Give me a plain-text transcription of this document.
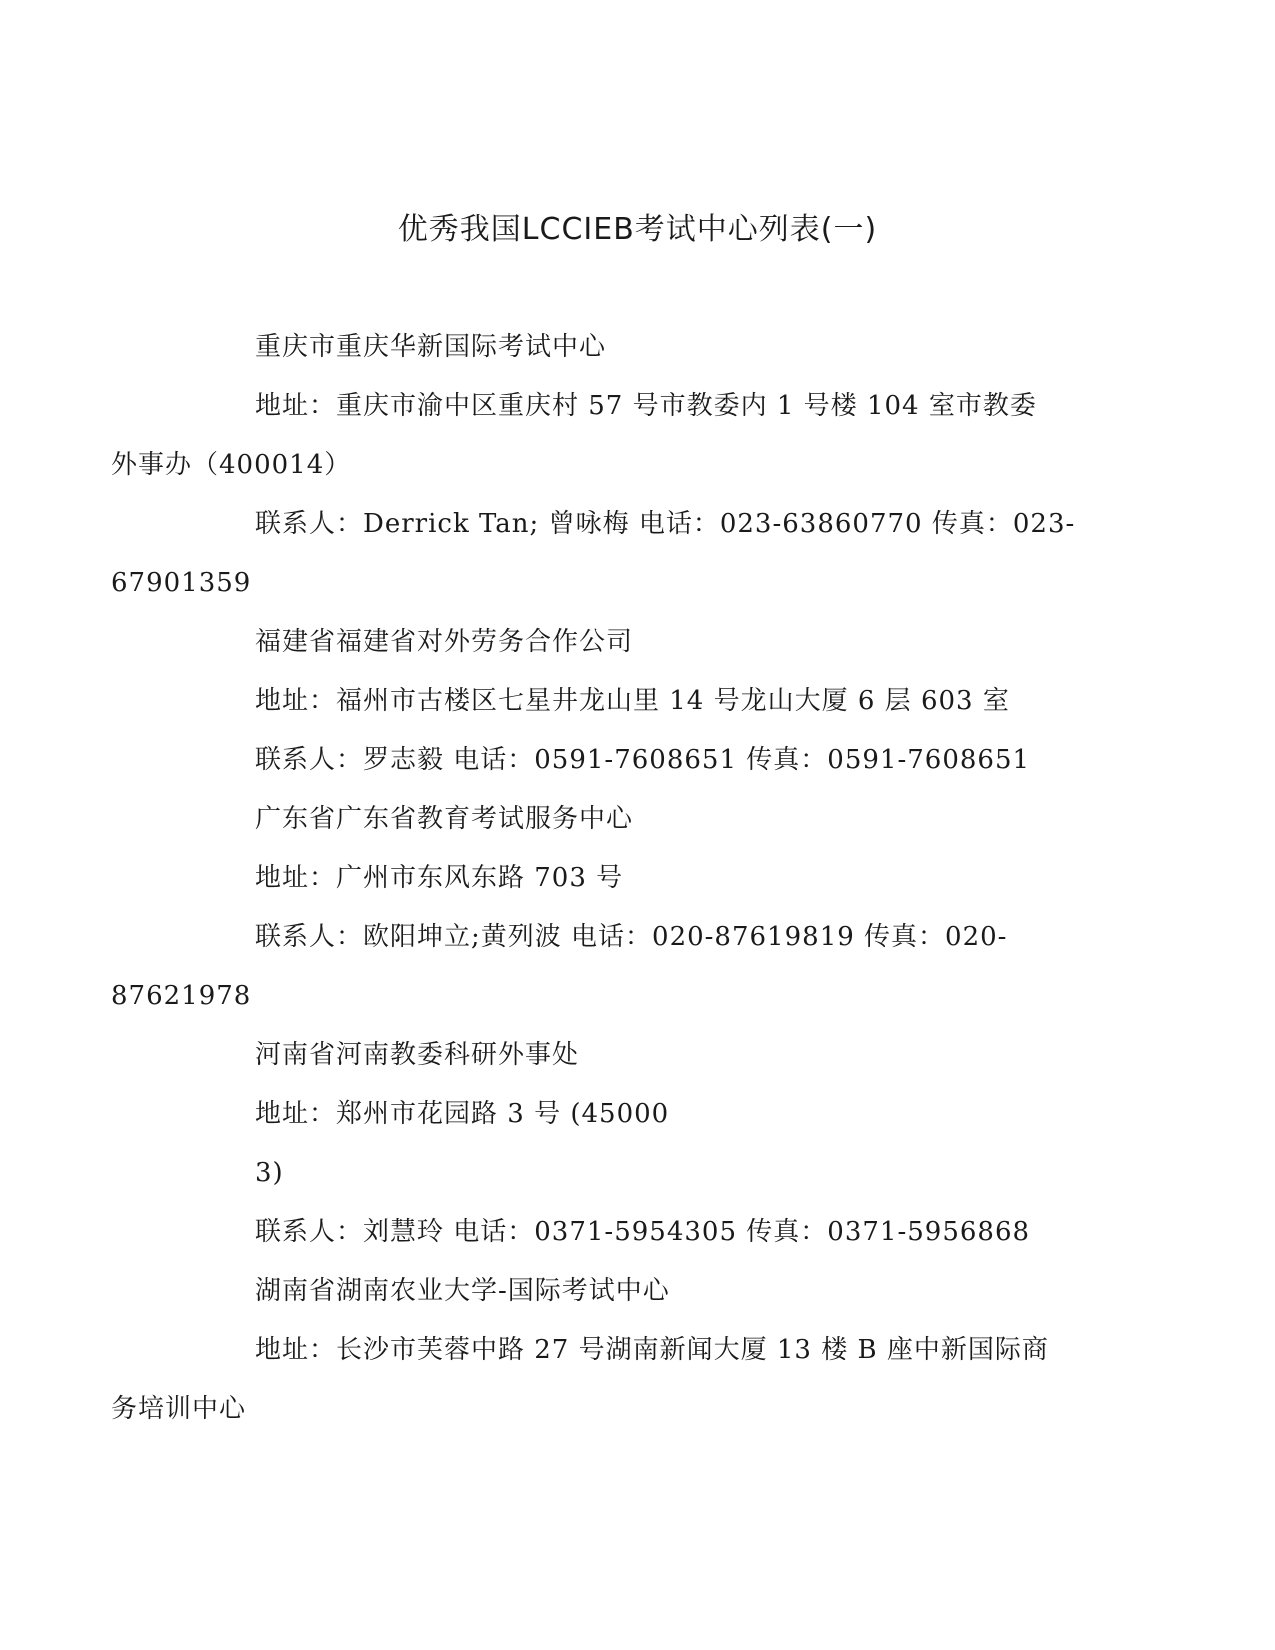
优秀我国LCCIEB考试中心列表(一)

重庆市重庆华新国际考试中心

地址：重庆市渝中区重庆村 57 号市教委内 1 号楼 104 室市教委
外事办（400014）

联系人：Derrick Tan; 曾咏梅 电话：023-63860770 传真：023-
67901359

福建省福建省对外劳务合作公司

地址：福州市古楼区七星井龙山里 14 号龙山大厦 6 层 603 室

联系人：罗志毅 电话：0591-7608651 传真：0591-7608651

广东省广东省教育考试服务中心

地址：广州市东风东路 703 号

联系人：欧阳坤立;黄列波 电话：020-87619819 传真：020-
87621978

河南省河南教委科研外事处

地址：郑州市花园路 3 号 (45000

3)

联系人：刘慧玲 电话：0371-5954305 传真：0371-5956868

湖南省湖南农业大学-国际考试中心

地址：长沙市芙蓉中路 27 号湖南新闻大厦 13 楼 B 座中新国际商
务培训中心
